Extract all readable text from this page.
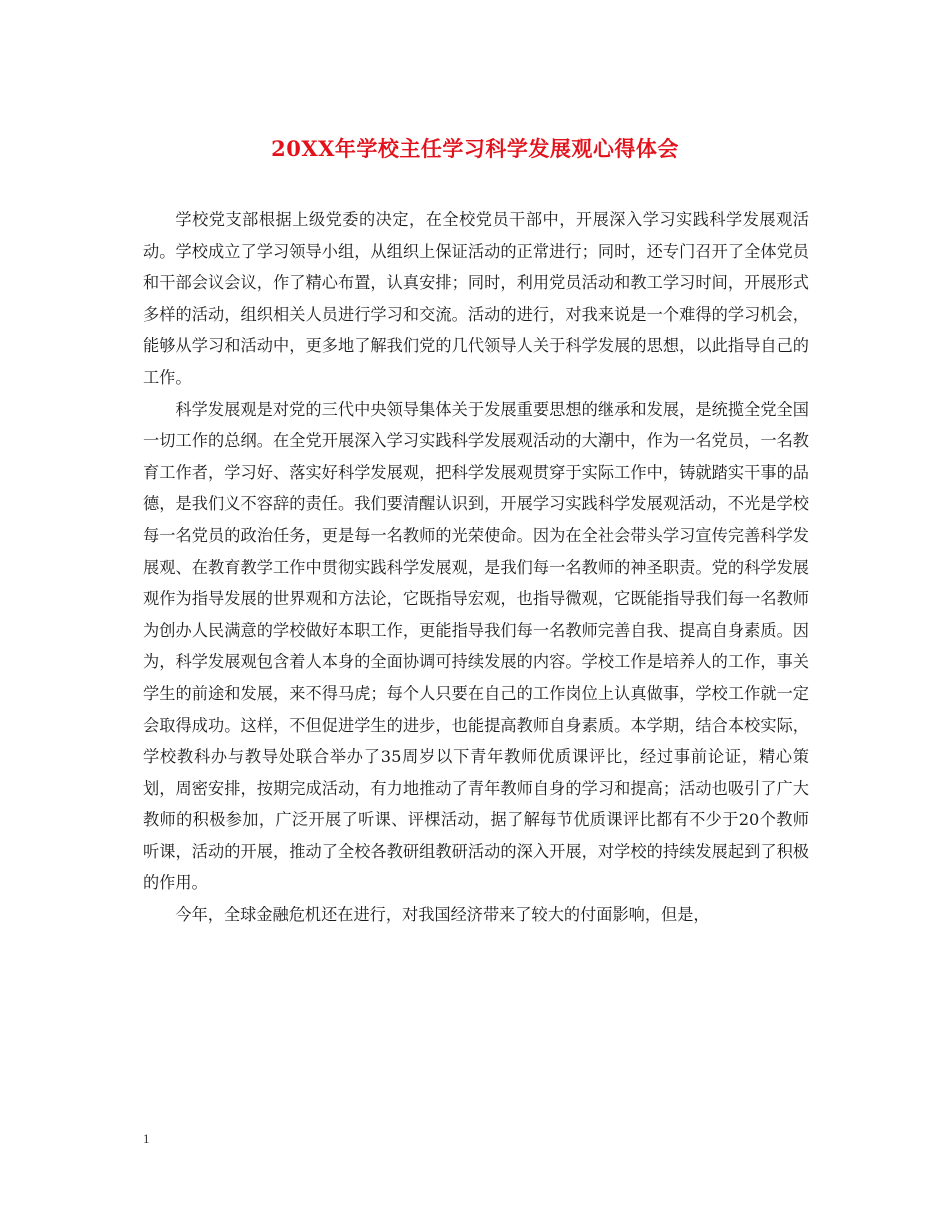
20XX年学校主任学习科学发展观心得体会

学校党支部根据上级党委的决定，在全校党员干部中，开展深入学习实践科学发展观活动。学校成立了学习领导小组，从组织上保证活动的正常进行；同时，还专门召开了全体党员和干部会议会议，作了精心布置，认真安排；同时，利用党员活动和教工学习时间，开展形式多样的活动，组织相关人员进行学习和交流。活动的进行，对我来说是一个难得的学习机会，能够从学习和活动中，更多地了解我们党的几代领导人关于科学发展的思想，以此指导自己的工作。

科学发展观是对党的三代中央领导集体关于发展重要思想的继承和发展，是统揽全党全国一切工作的总纲。在全党开展深入学习实践科学发展观活动的大潮中，作为一名党员，一名教育工作者，学习好、落实好科学发展观，把科学发展观贯穿于实际工作中，铸就踏实干事的品德，是我们义不容辞的责任。我们要清醒认识到，开展学习实践科学发展观活动，不光是学校每一名党员的政治任务，更是每一名教师的光荣使命。因为在全社会带头学习宣传完善科学发展观、在教育教学工作中贯彻实践科学发展观，是我们每一名教师的神圣职责。党的科学发展观作为指导发展的世界观和方法论，它既指导宏观，也指导微观，它既能指导我们每一名教师为创办人民满意的学校做好本职工作，更能指导我们每一名教师完善自我、提高自身素质。因为，科学发展观包含着人本身的全面协调可持续发展的内容。学校工作是培养人的工作，事关学生的前途和发展，来不得马虎；每个人只要在自己的工作岗位上认真做事，学校工作就一定会取得成功。这样，不但促进学生的进步，也能提高教师自身素质。本学期，结合本校实际，学校教科办与教导处联合举办了35周岁以下青年教师优质课评比，经过事前论证，精心策划，周密安排，按期完成活动，有力地推动了青年教师自身的学习和提高；活动也吸引了广大教师的积极参加，广泛开展了听课、评棵活动，据了解每节优质课评比都有不少于20个教师听课，活动的开展，推动了全校各教研组教研活动的深入开展，对学校的持续发展起到了积极的作用。

今年，全球金融危机还在进行，对我国经济带来了较大的付面影响，但是，

1
